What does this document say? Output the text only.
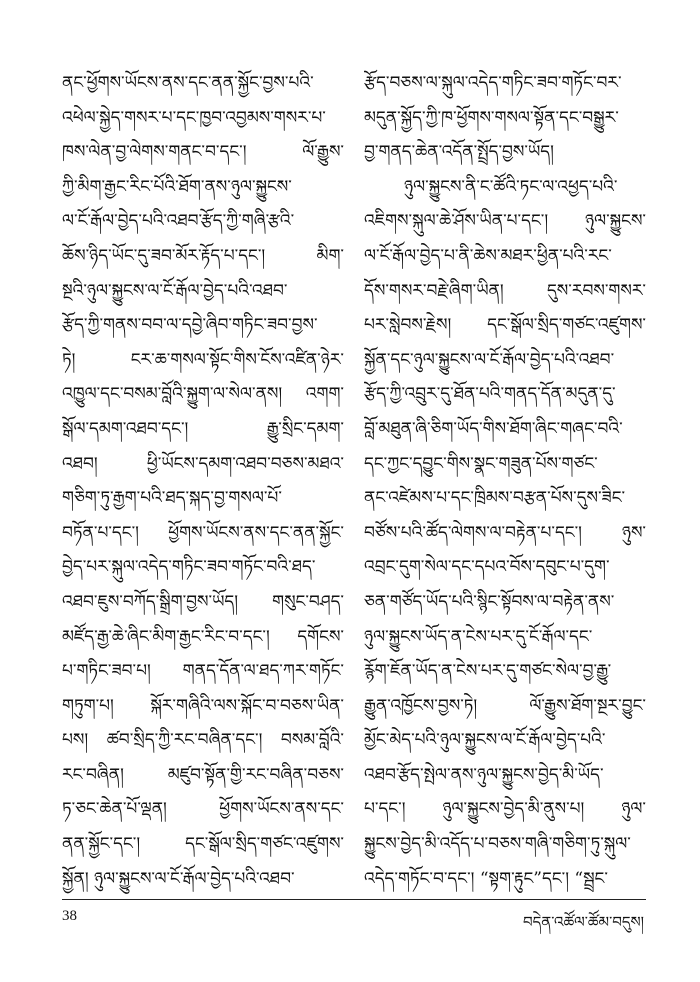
ནང་ཕྱོགས་ཡོངས་ནས་དང་ནན་སྐྱོང་བྱས་པའི་
འཕེལ་སྐྱེད་གསར་པ་དང་ཁྱབ་འབྱམས་གསར་པ་
ཁས་ལེན་བྱ་ལེགས་གནང་བ་དང་། ལོ་རྒྱུས་
ཀྱི་མིག་རྒྱང་རིང་པོའི་ཐོག་ནས་ཉུལ་སྐྱུངས་
ལ་ངོ་རྒོལ་བྱེད་པའི་འཐབ་རྩོད་ཀྱི་གཞི་རྩའི་
ཆོས་ཉིད་ཡོང་དུ་ཟབ་མོར་རྟོད་པ་དང་། མིག་
སྔའི་ཉུལ་སྐྱུངས་ལ་ངོ་རྒོལ་བྱེད་པའི་འཐབ་
རྩོད་ཀྱི་གནས་བབ་ལ་དབྱེ་ཞིབ་གཏིང་ཟབ་བྱས་
ཏེ། ངར་ཆ་གསལ་སྟོང་གིས་ངོས་འཛིན་ཉེར་
འཁྱུལ་དང་བསམ་བློའི་སྐྱུག་ལ་སེལ་ནས། འགག་
སྒོལ་དམག་འཐབ་དང་། རྒྱུ་སྲིང་དམག་
འཐབ། ཕྱི་ཡོངས་དམག་འཐབ་བཅས་མཐའ་
གཅིག་ཏུ་རྒྱག་པའི་ཐད་སྐད་བྱ་གསལ་པོ་
བཏོན་པ་དང་། ཕྱོགས་ཡོངས་ནས་དང་ནན་སྐྱོང་
བྱེད་པར་སྐུལ་འདེད་གཏིང་ཟབ་གཏོང་བའི་ཐད་
འཐབ་ཇུས་བཀོད་སྒྲིག་བྱས་ཡོད། གསུང་བཤད་
མཛོད་རྒྱ་ཆེ་ཞིང་མིག་རྒྱང་རིང་བ་དང་། དགོངས་
པ་གཏིང་ཟབ་པ། གནད་དོན་ལ་ཐད་ཀར་གཏོང་
གཏུག་པ། སྐོར་གཞིའི་ལས་སྐོང་བ་བཅས་ཡིན་
པས། ཚབ་སྲིད་ཀྱི་རང་བཞིན་དང་། བསམ་བློའི་
རང་བཞིན། མཛུབ་སྟོན་གྱི་རང་བཞིན་བཅས་
ཏ་ཅང་ཆེན་པོ་ལྡན། ཕྱོགས་ཡོངས་ནས་དང་
ནན་སྐྱོང་དང་། དང་སྒོལ་སྲིད་གཙང་འཛུགས་
སྐྱོན། ཉུལ་སྐྱུངས་ལ་ངོ་རྒོལ་བྱེད་པའི་འཐབ་
རྩོད་བཅས་ལ་སྐུལ་འདེད་གཏིང་ཟབ་གཏོང་བར་
མདུན་སྐྱོད་ཀྱི་ཁ་ཕྱོགས་གསལ་སྟོན་དང་བསྒྱུར་
བྱ་གནད་ཆེན་འདོན་སྤྲོད་བྱས་ཡོད།
ཉུལ་སྐྱུངས་ནི་ང་ཚོའི་ཏང་ལ་འཕྱད་པའི་
འཇིགས་སྐུལ་ཆེ་ཤོས་ཡིན་པ་དང་། ཉུལ་སྐྱུངས་
ལ་ངོ་རྒོལ་བྱེད་པ་ནི་ཆེས་མཐར་ཕྱིན་པའི་རང་
དོས་གསར་བརྗེ་ཞིག་ཡིན། དུས་རབས་གསར་
པར་སླེབས་རྗེས། དང་སྒོལ་སྲིད་གཙང་འཛུགས་
སྐྱོན་དང་ཉུལ་སྐྱུངས་ལ་ངོ་རྒོལ་བྱེད་པའི་འཐབ་
རྩོད་ཀྱི་འབྲུར་དུ་ཐོན་པའི་གནད་དོན་མདུན་དུ་
བློ་མཐུན་ཞི་ཅིག་ཡོད་གིས་ཐོག་ཞིང་གཞང་བའི་
དང་ཀྱང་དབྱུང་གིས་སྣང་གཟུན་པོས་གཙང་
ནང་འཛེམས་པ་དང་ཁྲིམས་བརྩན་པོས་དུས་ཟིང་
བཙོས་པའི་ཚོད་ལེགས་ལ་བརྟེན་པ་དང་། ཉུས་
འབྲང་དུག་སེལ་དང་དཔའ་བོས་དབུང་པ་དུག་
ཅན་གཙོད་ཡོད་པའི་སྙིང་སྟོབས་ལ་བརྟེན་ནས་
ཉུལ་སྐྱུངས་ཡོད་ན་ངེས་པར་དུ་ངོ་རྒོལ་དང་
རྙོག་ཇོན་ཡོད་ན་ངེས་པར་དུ་གཙང་སེལ་བྱ་རྒྱུ་
རྒྱུན་འཁྱོངས་བྱས་ཏེ། ལོ་རྒྱུས་ཐོག་སྔར་བྱུང་
མྱོང་མེད་པའི་ཉུལ་སྐྱུངས་ལ་ངོ་རྒོལ་བྱེད་པའི་
འཐབ་རྩོད་སྤེལ་ནས་ཉུལ་སྐྱུངས་བྱེད་མི་ཡོད་
པ་དང་། ཉུལ་སྐྱུངས་བྱེད་མི་ནུས་པ། ཉུལ་
སྐྱུངས་བྱེད་མི་འདོད་པ་བཅས་གཞི་གཅིག་ཏུ་སྐུལ་
འདེད་གཏོང་བ་དང་། “སྟག་རྟུང”དང་། “སྦྲང་
38	བདེན་འཚོལ་ཚོམ་བདུས།
